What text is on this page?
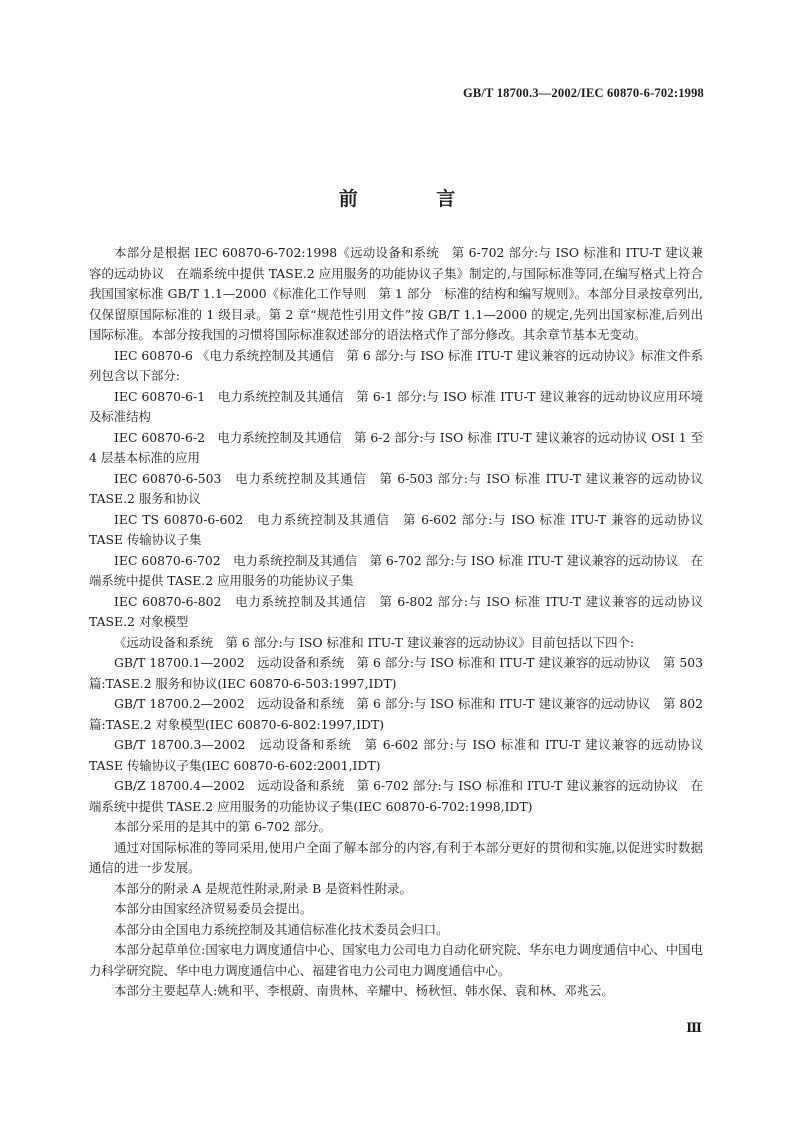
GB/T 18700.3—2002/IEC 60870-6-702:1998
前 言

本部分是根据 IEC 60870-6-702:1998《远动设备和系统　第 6-702 部分:与 ISO 标准和 ITU-T 建议兼容的远动协议　在端系统中提供 TASE.2 应用服务的功能协议子集》制定的,与国际标准等同,在编写格式上符合我国国家标准 GB/T 1.1—2000《标准化工作导则　第 1 部分　标准的结构和编写规则》。本部分目录按章列出,仅保留原国际标准的 1 级目录。第 2 章“规范性引用文件”按 GB/T 1.1—2000 的规定,先列出国家标准,后列出国际标准。本部分按我国的习惯将国际标准叙述部分的语法格式作了部分修改。其余章节基本无变动。

IEC 60870-6 《电力系统控制及其通信　第 6 部分:与 ISO 标准 ITU-T 建议兼容的远动协议》标准文件系列包含以下部分:

IEC 60870-6-1　电力系统控制及其通信　第 6-1 部分:与 ISO 标准 ITU-T 建议兼容的远动协议应用环境及标准结构

IEC 60870-6-2　电力系统控制及其通信　第 6-2 部分:与 ISO 标准 ITU-T 建议兼容的远动协议 OSI 1 至 4 层基本标准的应用

IEC 60870-6-503　电力系统控制及其通信　第 6-503 部分:与 ISO 标准 ITU-T 建议兼容的远动协议　TASE.2 服务和协议

IEC TS 60870-6-602　电力系统控制及其通信　第 6-602 部分:与 ISO 标准 ITU-T 兼容的远动协议　TASE 传输协议子集

IEC 60870-6-702　电力系统控制及其通信　第 6-702 部分:与 ISO 标准 ITU-T 建议兼容的远动协议　在端系统中提供 TASE.2 应用服务的功能协议子集

IEC 60870-6-802　电力系统控制及其通信　第 6-802 部分:与 ISO 标准 ITU-T 建议兼容的远动协议　TASE.2 对象模型

《远动设备和系统　第 6 部分:与 ISO 标准和 ITU-T 建议兼容的远动协议》目前包括以下四个:

GB/T 18700.1—2002　远动设备和系统　第 6 部分:与 ISO 标准和 ITU-T 建议兼容的远动协议　第 503 篇:TASE.2 服务和协议(IEC 60870-6-503:1997,IDT)

GB/T 18700.2—2002　远动设备和系统　第 6 部分:与 ISO 标准和 ITU-T 建议兼容的远动协议　第 802 篇:TASE.2 对象模型(IEC 60870-6-802:1997,IDT)

GB/T 18700.3—2002　远动设备和系统　第 6-602 部分:与 ISO 标准和 ITU-T 建议兼容的远动协议　TASE 传输协议子集(IEC 60870-6-602:2001,IDT)

GB/Z 18700.4—2002　远动设备和系统　第 6-702 部分:与 ISO 标准和 ITU-T 建议兼容的远动协议　在端系统中提供 TASE.2 应用服务的功能协议子集(IEC 60870-6-702:1998,IDT)

本部分采用的是其中的第 6-702 部分。

通过对国际标准的等同采用,使用户全面了解本部分的内容,有利于本部分更好的贯彻和实施,以促进实时数据通信的进一步发展。

本部分的附录 A 是规范性附录,附录 B 是资料性附录。

本部分由国家经济贸易委员会提出。

本部分由全国电力系统控制及其通信标准化技术委员会归口。

本部分起草单位:国家电力调度通信中心、国家电力公司电力自动化研究院、华东电力调度通信中心、中国电力科学研究院、华中电力调度通信中心、福建省电力公司电力调度通信中心。

本部分主要起草人:姚和平、李根蔚、南贵林、辛耀中、杨秋恒、韩水保、袁和林、邓兆云。

Ⅲ
